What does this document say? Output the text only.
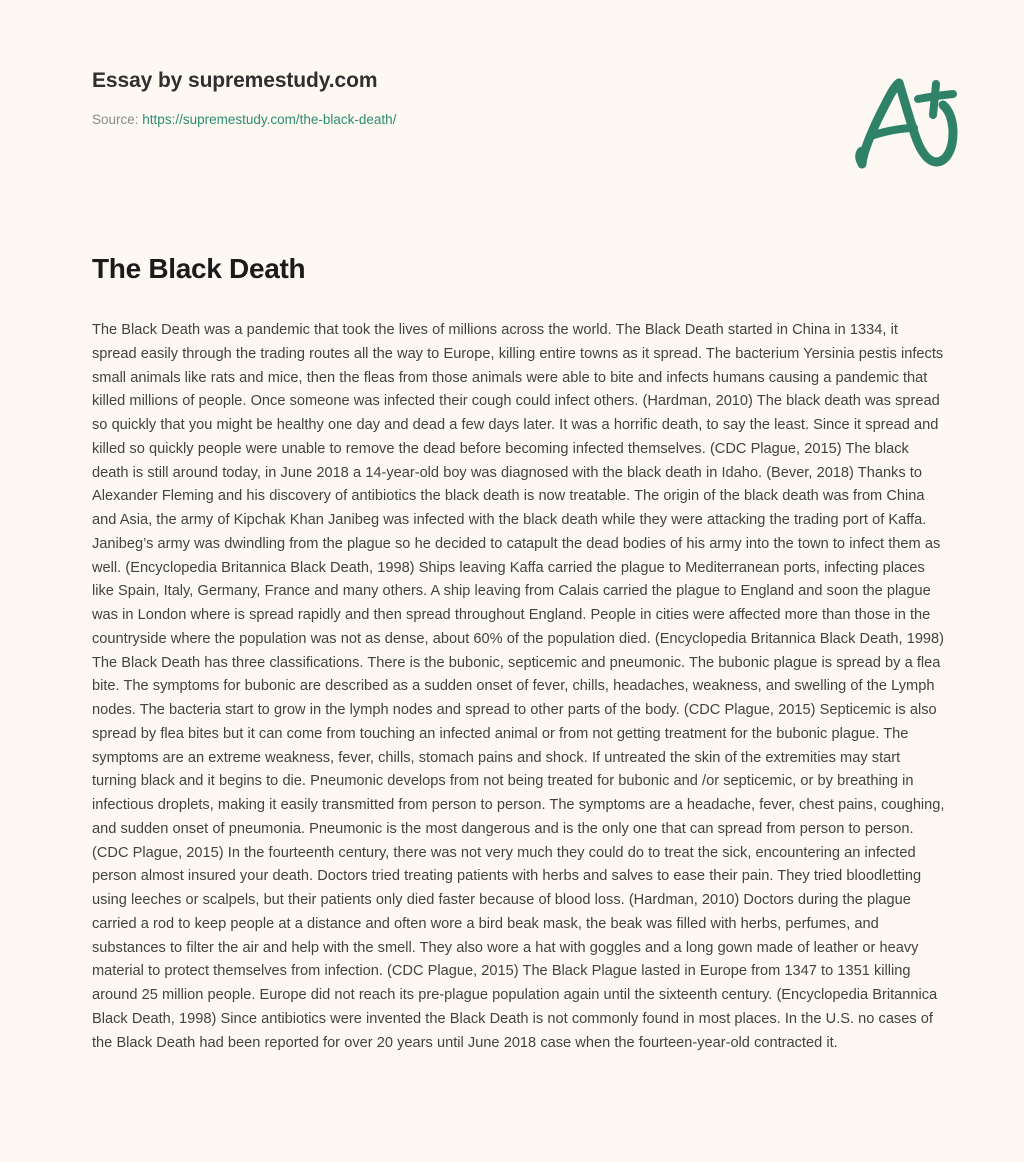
Essay by supremestudy.com

Source: https://supremestudy.com/the-black-death/

The Black Death

The Black Death was a pandemic that took the lives of millions across the world. The Black Death started in China in 1334, it spread easily through the trading routes all the way to Europe, killing entire towns as it spread. The bacterium Yersinia pestis infects small animals like rats and mice, then the fleas from those animals were able to bite and infects humans causing a pandemic that killed millions of people. Once someone was infected their cough could infect others. (Hardman, 2010) The black death was spread so quickly that you might be healthy one day and dead a few days later. It was a horrific death, to say the least. Since it spread and killed so quickly people were unable to remove the dead before becoming infected themselves. (CDC Plague, 2015) The black death is still around today, in June 2018 a 14-year-old boy was diagnosed with the black death in Idaho. (Bever, 2018) Thanks to Alexander Fleming and his discovery of antibiotics the black death is now treatable. The origin of the black death was from China and Asia, the army of Kipchak Khan Janibeg was infected with the black death while they were attacking the trading port of Kaffa. Janibeg’s army was dwindling from the plague so he decided to catapult the dead bodies of his army into the town to infect them as well. (Encyclopedia Britannica Black Death, 1998) Ships leaving Kaffa carried the plague to Mediterranean ports, infecting places like Spain, Italy, Germany, France and many others. A ship leaving from Calais carried the plague to England and soon the plague was in London where is spread rapidly and then spread throughout England. People in cities were affected more than those in the countryside where the population was not as dense, about 60% of the population died. (Encyclopedia Britannica Black Death, 1998) The Black Death has three classifications. There is the bubonic, septicemic and pneumonic. The bubonic plague is spread by a flea bite. The symptoms for bubonic are described as a sudden onset of fever, chills, headaches, weakness, and swelling of the Lymph nodes. The bacteria start to grow in the lymph nodes and spread to other parts of the body. (CDC Plague, 2015) Septicemic is also spread by flea bites but it can come from touching an infected animal or from not getting treatment for the bubonic plague. The symptoms are an extreme weakness, fever, chills, stomach pains and shock. If untreated the skin of the extremities may start turning black and it begins to die. Pneumonic develops from not being treated for bubonic and /or septicemic, or by breathing in infectious droplets, making it easily transmitted from person to person. The symptoms are a headache, fever, chest pains, coughing, and sudden onset of pneumonia. Pneumonic is the most dangerous and is the only one that can spread from person to person. (CDC Plague, 2015) In the fourteenth century, there was not very much they could do to treat the sick, encountering an infected person almost insured your death. Doctors tried treating patients with herbs and salves to ease their pain. They tried bloodletting using leeches or scalpels, but their patients only died faster because of blood loss. (Hardman, 2010) Doctors during the plague carried a rod to keep people at a distance and often wore a bird beak mask, the beak was filled with herbs, perfumes, and substances to filter the air and help with the smell. They also wore a hat with goggles and a long gown made of leather or heavy material to protect themselves from infection. (CDC Plague, 2015) The Black Plague lasted in Europe from 1347 to 1351 killing around 25 million people. Europe did not reach its pre-plague population again until the sixteenth century. (Encyclopedia Britannica Black Death, 1998) Since antibiotics were invented the Black Death is not commonly found in most places. In the U.S. no cases of the Black Death had been reported for over 20 years until June 2018 case when the fourteen-year-old contracted it.
